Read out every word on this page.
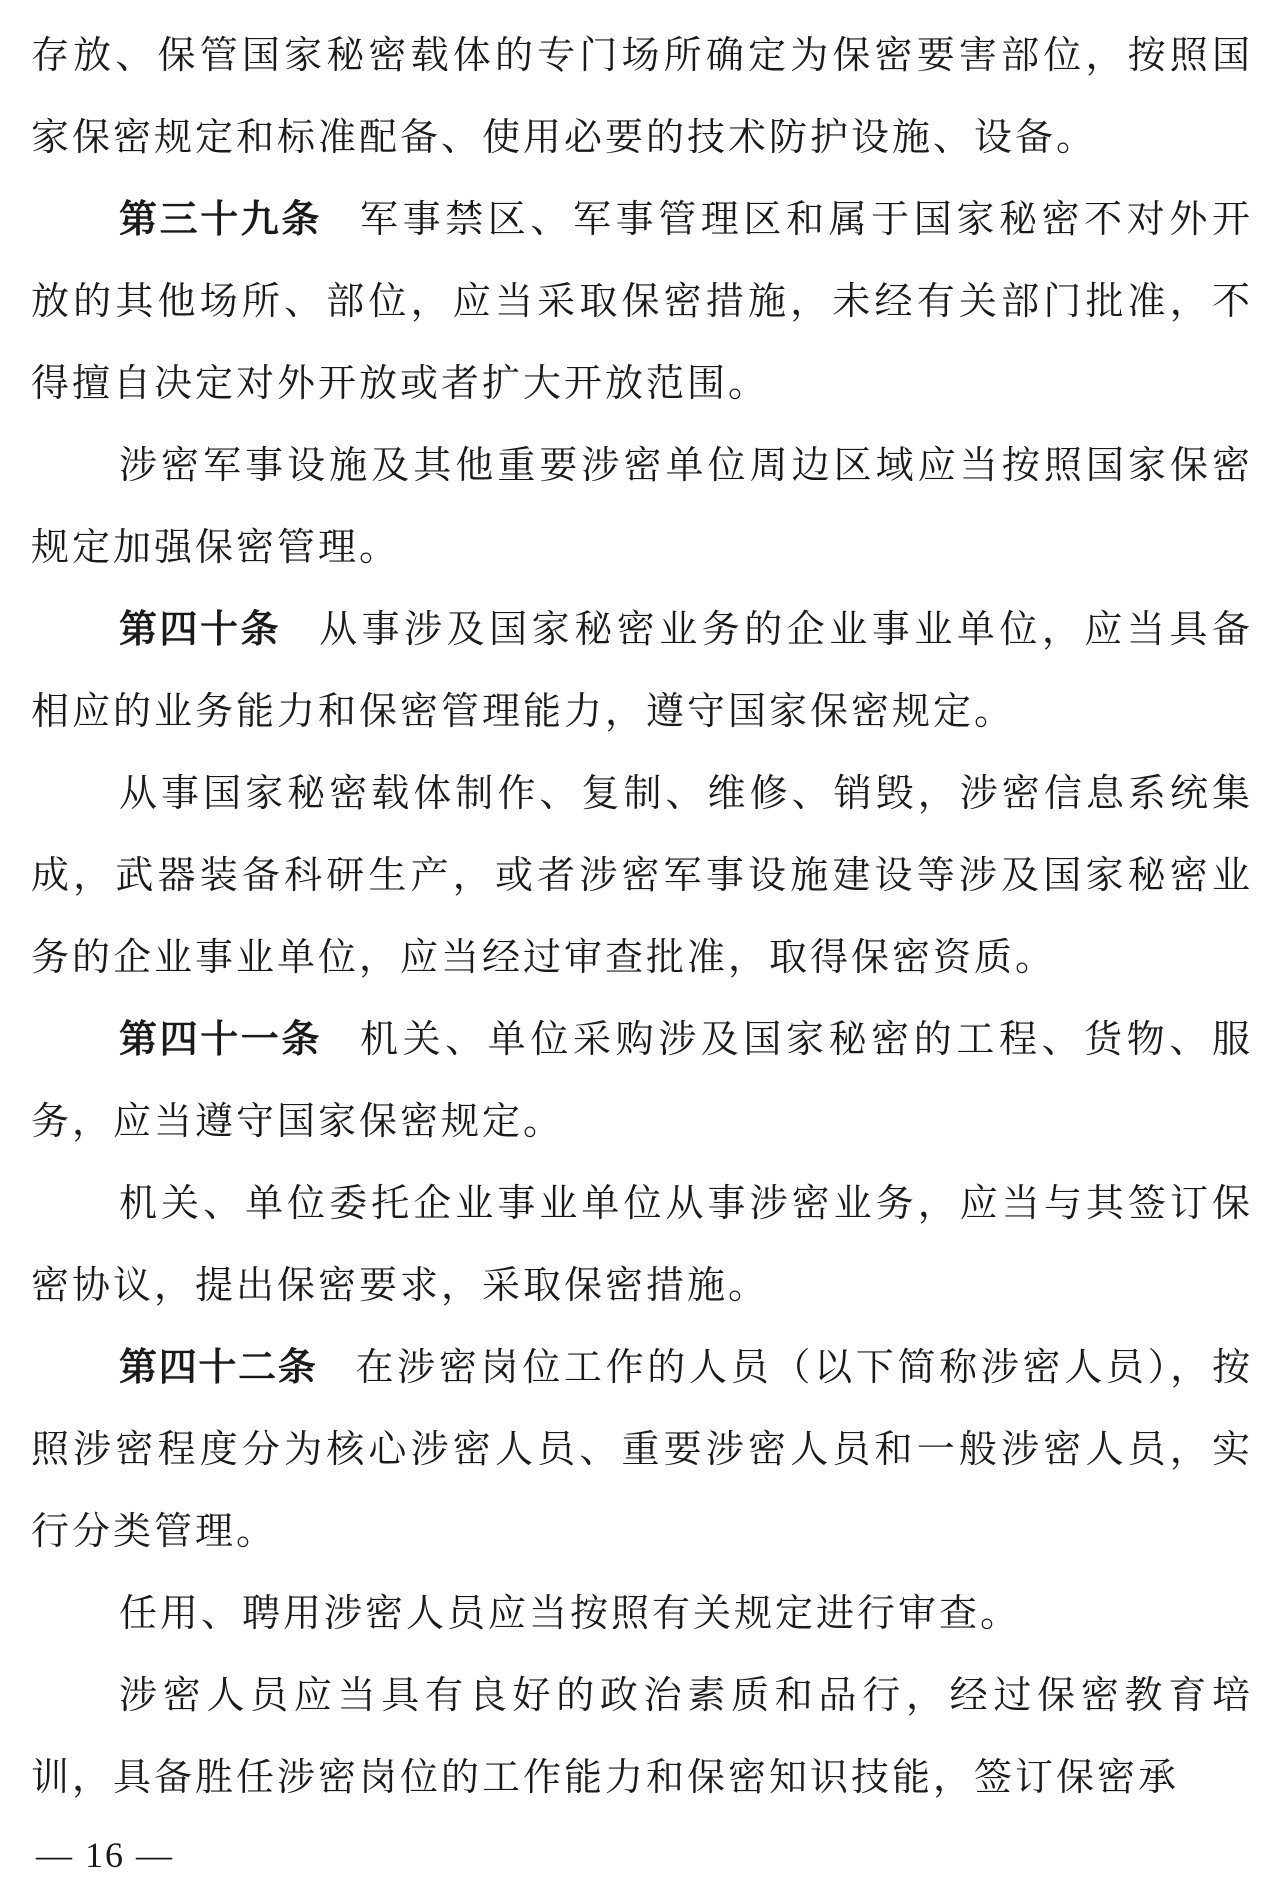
存放、保管国家秘密载体的专门场所确定为保密要害部位，按照国家保密规定和标准配备、使用必要的技术防护设施、设备。

第三十九条 军事禁区、军事管理区和属于国家秘密不对外开放的其他场所、部位，应当采取保密措施，未经有关部门批准，不得擅自决定对外开放或者扩大开放范围。

涉密军事设施及其他重要涉密单位周边区域应当按照国家保密规定加强保密管理。

第四十条 从事涉及国家秘密业务的企业事业单位，应当具备相应的业务能力和保密管理能力，遵守国家保密规定。

从事国家秘密载体制作、复制、维修、销毁，涉密信息系统集成，武器装备科研生产，或者涉密军事设施建设等涉及国家秘密业务的企业事业单位，应当经过审查批准，取得保密资质。

第四十一条 机关、单位采购涉及国家秘密的工程、货物、服务，应当遵守国家保密规定。

机关、单位委托企业事业单位从事涉密业务，应当与其签订保密协议，提出保密要求，采取保密措施。

第四十二条 在涉密岗位工作的人员（以下简称涉密人员），按照涉密程度分为核心涉密人员、重要涉密人员和一般涉密人员，实行分类管理。

任用、聘用涉密人员应当按照有关规定进行审查。

涉密人员应当具有良好的政治素质和品行，经过保密教育培训，具备胜任涉密岗位的工作能力和保密知识技能，签订保密承

— 16 —
